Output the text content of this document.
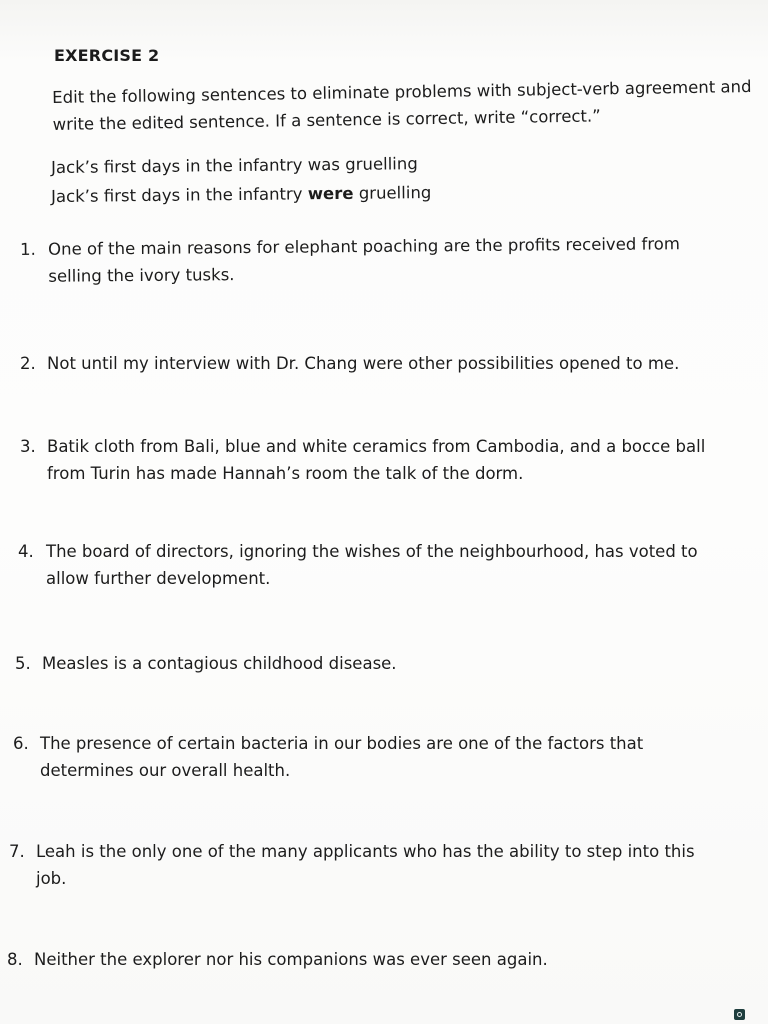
EXERCISE 2
Edit the following sentences to eliminate problems with subject-verb agreement and write the edited sentence. If a sentence is correct, write “correct.”
Jack’s first days in the infantry was gruelling
Jack’s first days in the infantry were gruelling
1. One of the main reasons for elephant poaching are the profits received from selling the ivory tusks.
2. Not until my interview with Dr. Chang were other possibilities opened to me.
3. Batik cloth from Bali, blue and white ceramics from Cambodia, and a bocce ball from Turin has made Hannah’s room the talk of the dorm.
4. The board of directors, ignoring the wishes of the neighbourhood, has voted to allow further development.
5. Measles is a contagious childhood disease.
6. The presence of certain bacteria in our bodies are one of the factors that determines our overall health.
7. Leah is the only one of the many applicants who has the ability to step into this job.
8. Neither the explorer nor his companions was ever seen again.
